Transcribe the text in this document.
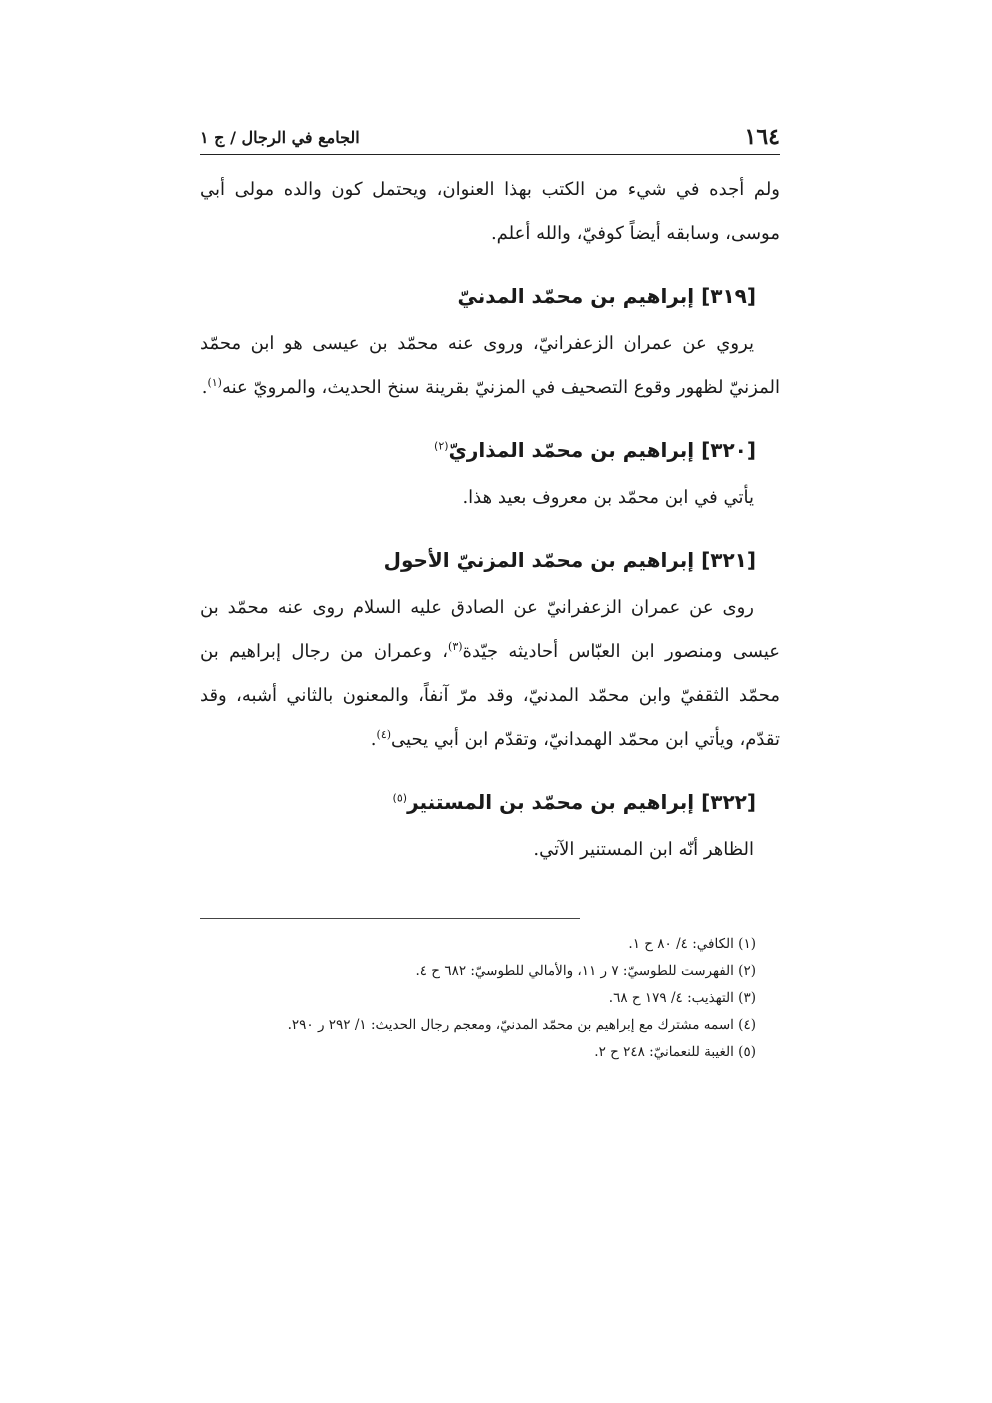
١٦٤
الجامع في الرجال / ج ١

ولم أجده في شيء من الكتب بهذا العنوان، ويحتمل كون والده مولى أبي موسى، وسابقه أيضاً كوفيّ، والله أعلم.

[٣١٩] إبراهيم بن محمّد المدنيّ

يروي عن عمران الزعفرانيّ، وروى عنه محمّد بن عيسى هو ابن محمّد المزنيّ لظهور وقوع التصحيف في المزنيّ بقرينة سنخ الحديث، والمرويّ عنه$^{(١)}$.

[٣٢٠] إبراهيم بن محمّد المذاريّ$^{(٢)}$

يأتي في ابن محمّد بن معروف بعيد هذا.

[٣٢١] إبراهيم بن محمّد المزنيّ الأحول

روى عن عمران الزعفرانيّ عن الصادق عليه السلام روى عنه محمّد بن عيسى ومنصور ابن العبّاس أحاديثه جيّدة$^{(٣)}$، وعمران من رجال إبراهيم بن محمّد الثقفيّ وابن محمّد المدنيّ، وقد مرّ آنفاً، والمعنون بالثاني أشبه، وقد تقدّم، ويأتي ابن محمّد الهمدانيّ، وتقدّم ابن أبي يحيى$^{(٤)}$.

[٣٢٢] إبراهيم بن محمّد بن المستنير$^{(٥)}$

الظاهر أنّه ابن المستنير الآتي.

(١) الكافي: ٤/ ٨٠ ح ١.
(٢) الفهرست للطوسيّ: ٧ ر ١١، والأمالي للطوسيّ: ٦٨٢ ح ٤.
(٣) التهذيب: ٤/ ١٧٩ ح ٦٨.
(٤) اسمه مشترك مع إبراهيم بن محمّد المدنيّ، ومعجم رجال الحديث: ١/ ٢٩٢ ر ٢٩٠.
(٥) الغيبة للنعمانيّ: ٢٤٨ ح ٢.
